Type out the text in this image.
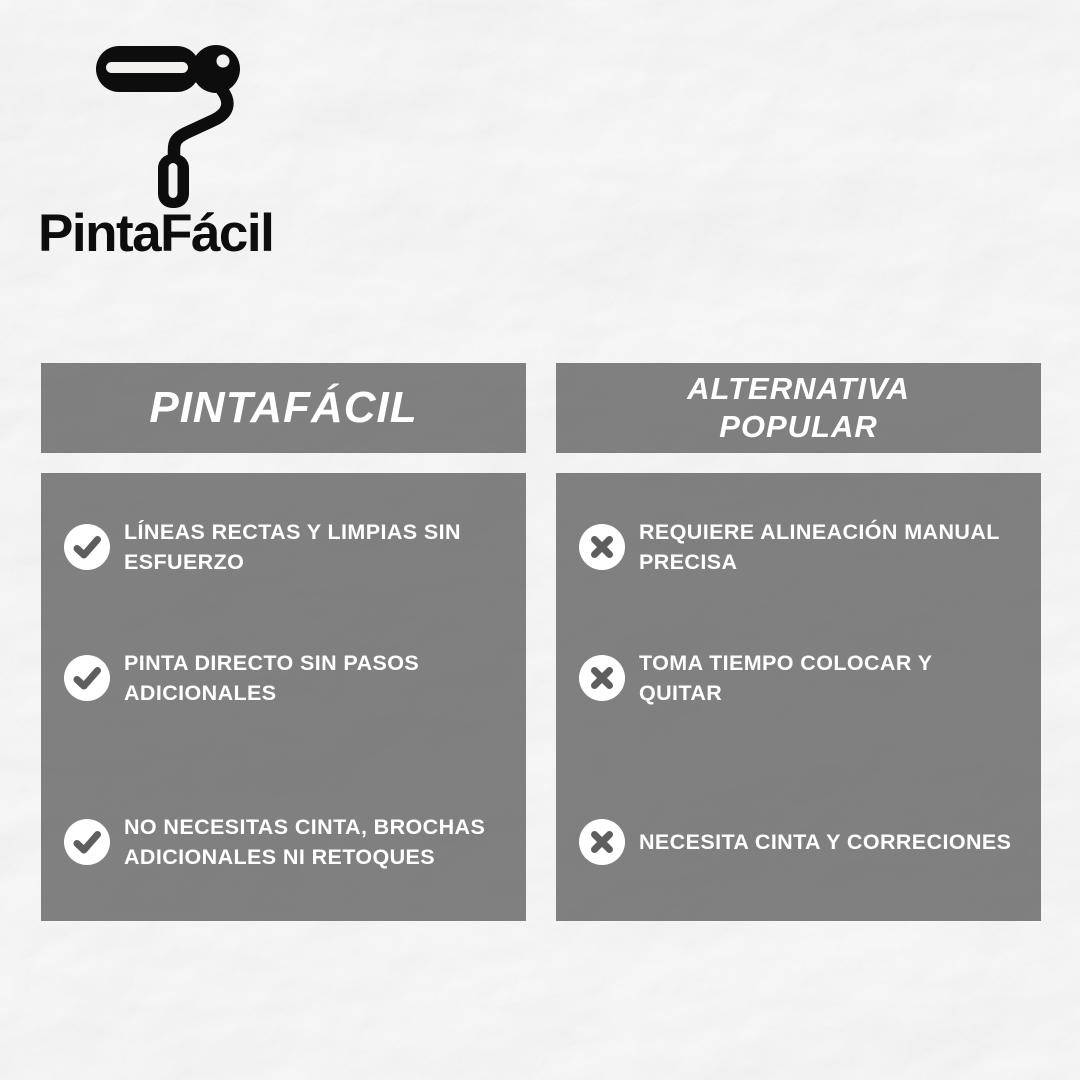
PintaFácil
PINTAFÁCIL

LÍNEAS RECTAS Y LIMPIAS SIN
ESFUERZO

PINTA DIRECTO SIN PASOS
ADICIONALES

NO NECESITAS CINTA, BROCHAS
ADICIONALES NI RETOQUES

ALTERNATIVA POPULAR

REQUIERE ALINEACIÓN MANUAL
PRECISA

TOMA TIEMPO COLOCAR Y
QUITAR

NECESITA CINTA Y CORRECIONES
